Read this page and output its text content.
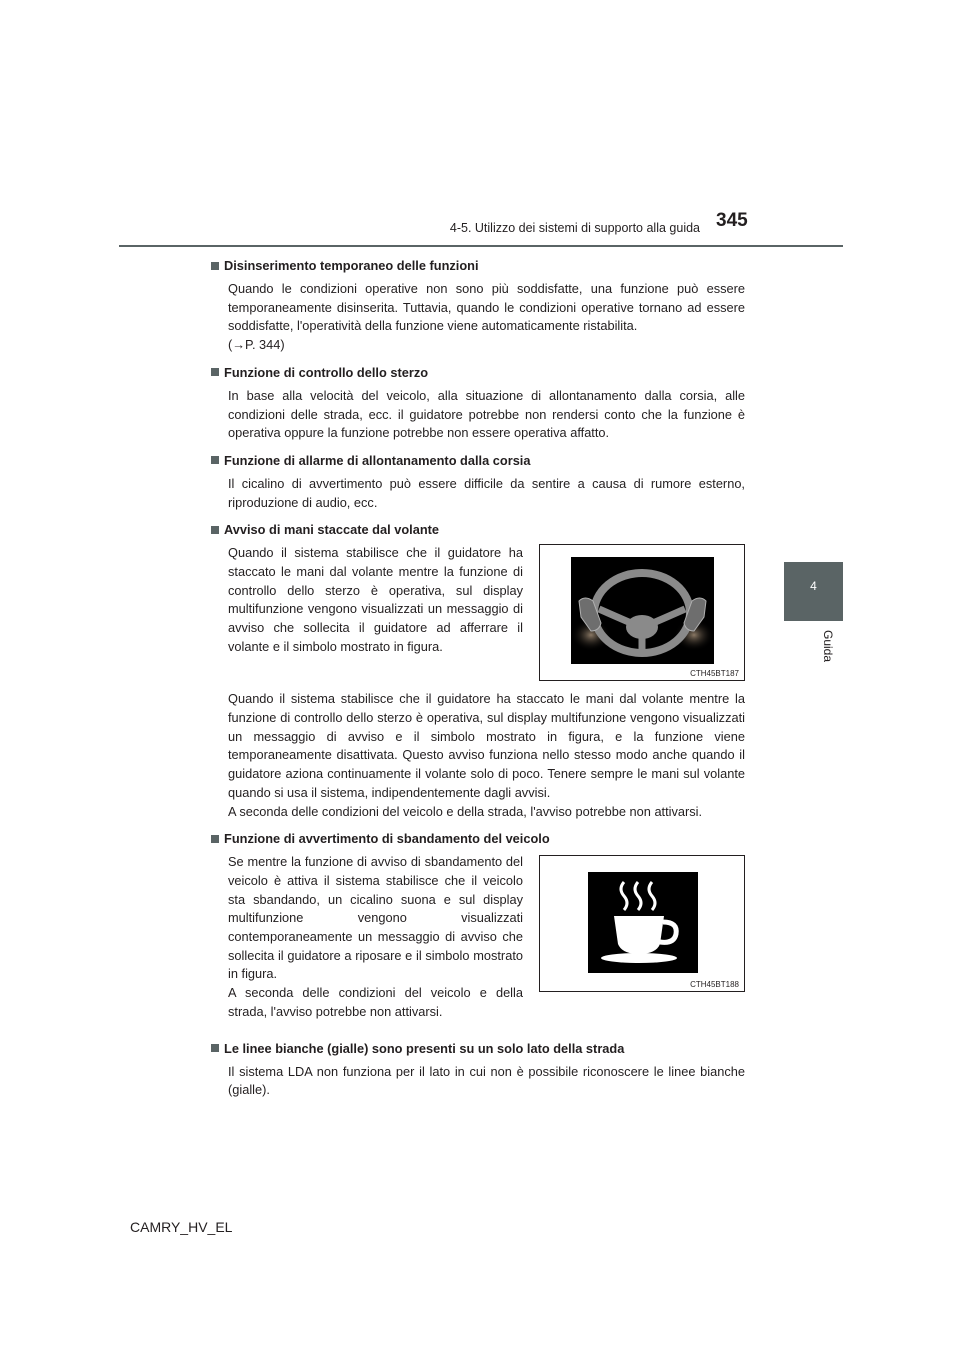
4-5. Utilizzo dei sistemi di supporto alla guida 345
4
Guida
Disinserimento temporaneo delle funzioni
Quando le condizioni operative non sono più soddisfatte, una funzione può essere temporaneamente disinserita. Tuttavia, quando le condizioni operative tornano ad essere soddisfatte, l'operatività della funzione viene automaticamente ristabilita.
(→P. 344)
Funzione di controllo dello sterzo
In base alla velocità del veicolo, alla situazione di allontanamento dalla corsia, alle condizioni delle strada, ecc. il guidatore potrebbe non rendersi conto che la funzione è operativa oppure la funzione potrebbe non essere operativa affatto.
Funzione di allarme di allontanamento dalla corsia
Il cicalino di avvertimento può essere difficile da sentire a causa di rumore esterno, riproduzione di audio, ecc.
Avviso di mani staccate dal volante
Quando il sistema stabilisce che il guidatore ha staccato le mani dal volante mentre la funzione di controllo dello sterzo è operativa, sul display multifunzione vengono visualizzati un messaggio di avviso che sollecita il guidatore ad afferrare il volante e il simbolo mostrato in figura.
CTH45BT187
Quando il sistema stabilisce che il guidatore ha staccato le mani dal volante mentre la funzione di controllo dello sterzo è operativa, sul display multifunzione vengono visualizzati un messaggio di avviso e il simbolo mostrato in figura, e la funzione viene temporaneamente disattivata. Questo avviso funziona nello stesso modo anche quando il guidatore aziona continuamente il volante solo di poco. Tenere sempre le mani sul volante quando si usa il sistema, indipendentemente dagli avvisi.
A seconda delle condizioni del veicolo e della strada, l'avviso potrebbe non attivarsi.
Funzione di avvertimento di sbandamento del veicolo
Se mentre la funzione di avviso di sbandamento del veicolo è attiva il sistema stabilisce che il veicolo sta sbandando, un cicalino suona e sul display multifunzione vengono visualizzati contemporaneamente un messaggio di avviso che sollecita il guidatore a riposare e il simbolo mostrato in figura.
A seconda delle condizioni del veicolo e della strada, l'avviso potrebbe non attivarsi.
CTH45BT188
Le linee bianche (gialle) sono presenti su un solo lato della strada
Il sistema LDA non funziona per il lato in cui non è possibile riconoscere le linee bianche (gialle).
CAMRY_HV_EL
